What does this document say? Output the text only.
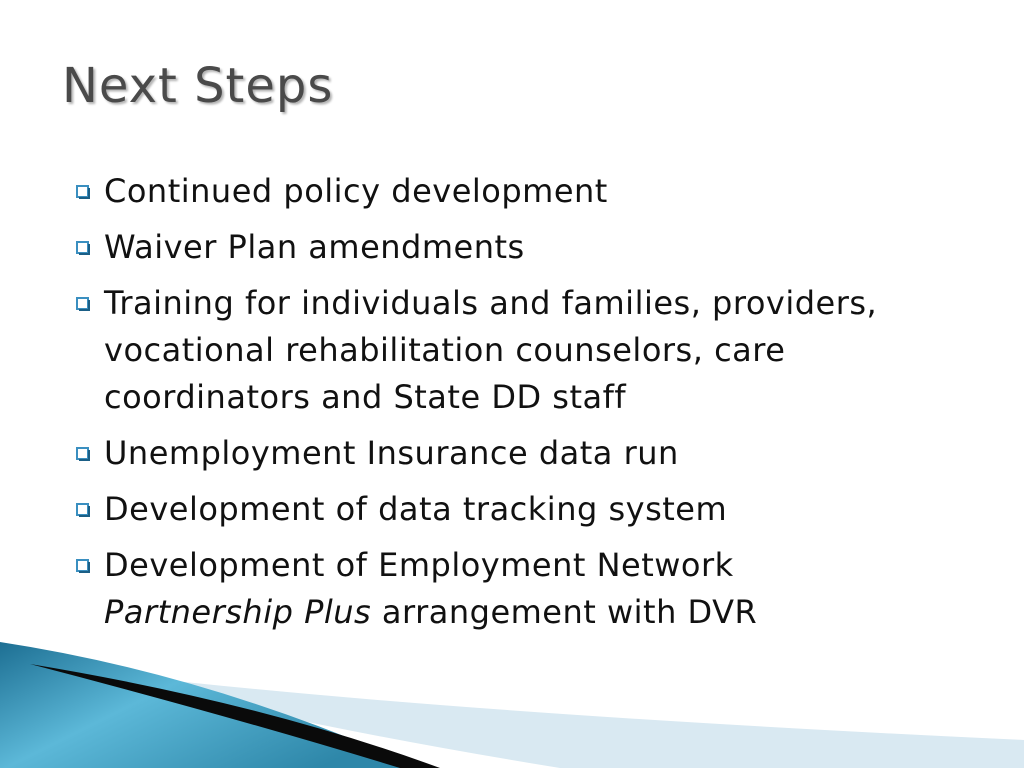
Next Steps
Continued policy development
Waiver Plan amendments
Training for individuals and families, providers, vocational rehabilitation counselors, care coordinators and State DD staff
Unemployment Insurance data run
Development of data tracking system
Development of Employment Network
Partnership Plus arrangement with DVR
